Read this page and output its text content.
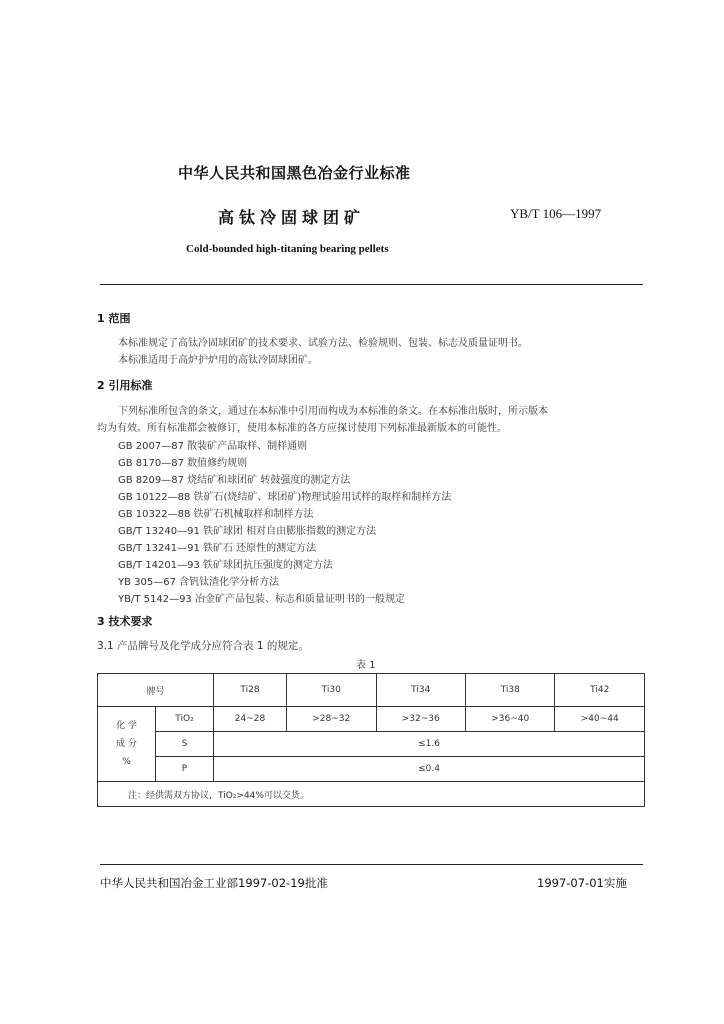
中华人民共和国黑色冶金行业标准
高钛冷固球团矿	YB/T 106—1997
Cold-bounded high-titaning bearing pellets
1 范围
本标准规定了高钛冷固球团矿的技术要求、试验方法、检验规则、包装、标志及质量证明书。
本标准适用于高炉护炉用的高钛冷固球团矿。
2 引用标准
下列标准所包含的条文，通过在本标准中引用而构成为本标准的条文。在本标准出版时，所示版本
均为有效。所有标准都会被修订，使用本标准的各方应探讨使用下列标准最新版本的可能性。
GB 2007—87 散装矿产品取样、制样通则
GB 8170—87 数值修约规则
GB 8209—87 烧结矿和球团矿 转鼓强度的测定方法
GB 10122—88 铁矿石(烧结矿、球团矿)物理试验用试样的取样和制样方法
GB 10322—88 铁矿石机械取样和制样方法
GB/T 13240—91 铁矿球团 相对自由膨胀指数的测定方法
GB/T 13241—91 铁矿石 还原性的测定方法
GB/T 14201—93 铁矿球团抗压强度的测定方法
YB 305—67 含钒钛渣化学分析方法
YB/T 5142—93 冶金矿产品包装、标志和质量证明书的一般规定
3 技术要求
3.1 产品牌号及化学成分应符合表 1 的规定。
表 1
牌号		Ti28	Ti30	Ti34	Ti38	Ti42
化 学
成 分
%	TiO₂	24~28	>28~32	>32~36	>36~40	>40~44
	S	≤1.6				
	P	≤0.4				
注：经供需双方协议，TiO₂>44%可以交货。						
中华人民共和国冶金工业部1997-02-19批准	1997-07-01实施
